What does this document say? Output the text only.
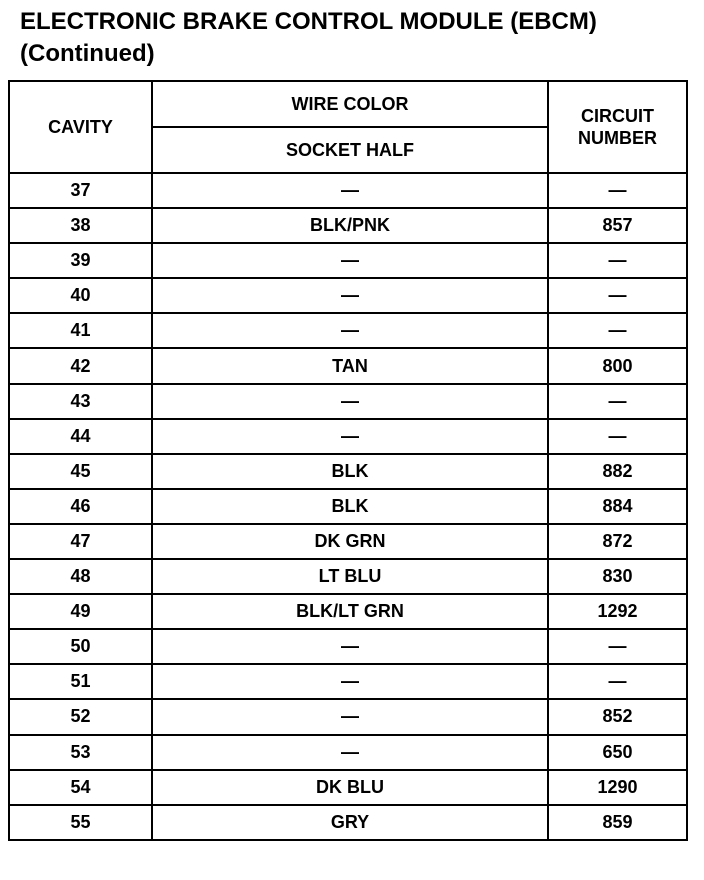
ELECTRONIC BRAKE CONTROL MODULE (EBCM)
(Continued)
CAVITY	WIRE COLOR	CIRCUIT
NUMBER

	SOCKET HALF	
37	—	—
38	BLK/PNK	857
39	—	—
40	—	—
41	—	—
42	TAN	800
43	—	—
44	—	—
45	BLK	882
46	BLK	884
47	DK GRN	872
48	LT BLU	830
49	BLK/LT GRN	1292
50	—	—
51	—	—
52	—	852
53	—	650
54	DK BLU	1290
55	GRY	859
